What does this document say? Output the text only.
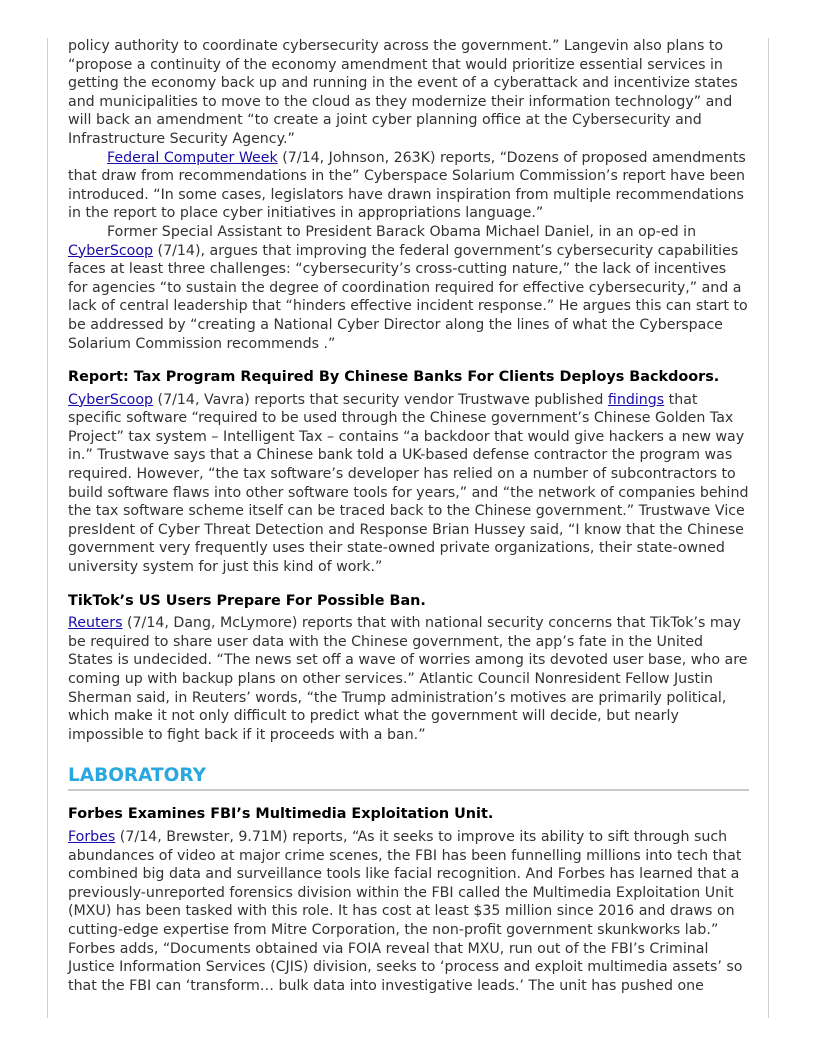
policy authority to coordinate cybersecurity across the government.” Langevin also plans to “propose a continuity of the economy amendment that would prioritize essential services in getting the economy back up and running in the event of a cyberattack and incentivize states and municipalities to move to the cloud as they modernize their information technology” and will back an amendment “to create a joint cyber planning office at the Cybersecurity and Infrastructure Security Agency.”

Federal Computer Week (7/14, Johnson, 263K) reports, “Dozens of proposed amendments that draw from recommendations in the” Cyberspace Solarium Commission’s report have been introduced. “In some cases, legislators have drawn inspiration from multiple recommendations in the report to place cyber initiatives in appropriations language.”

Former Special Assistant to President Barack Obama Michael Daniel, in an op-ed in CyberScoop (7/14), argues that improving the federal government’s cybersecurity capabilities faces at least three challenges: “cybersecurity’s cross-cutting nature,” the lack of incentives for agencies “to sustain the degree of coordination required for effective cybersecurity,” and a lack of central leadership that “hinders effective incident response.” He argues this can start to be addressed by “creating a National Cyber Director along the lines of what the Cyberspace Solarium Commission recommends .”

Report: Tax Program Required By Chinese Banks For Clients Deploys Backdoors.

CyberScoop (7/14, Vavra) reports that security vendor Trustwave published findings that specific software “required to be used through the Chinese government’s Chinese Golden Tax Project” tax system – Intelligent Tax – contains “a backdoor that would give hackers a new way in.” Trustwave says that a Chinese bank told a UK-based defense contractor the program was required. However, “the tax software’s developer has relied on a number of subcontractors to build software flaws into other software tools for years,” and “the network of companies behind the tax software scheme itself can be traced back to the Chinese government.” Trustwave Vice presIdent of Cyber Threat Detection and Response Brian Hussey said, “I know that the Chinese government very frequently uses their state-owned private organizations, their state-owned university system for just this kind of work.”

TikTok’s US Users Prepare For Possible Ban.

Reuters (7/14, Dang, McLymore) reports that with national security concerns that TikTok’s may be required to share user data with the Chinese government, the app’s fate in the United States is undecided. “The news set off a wave of worries among its devoted user base, who are coming up with backup plans on other services.” Atlantic Council Nonresident Fellow Justin Sherman said, in Reuters’ words, “the Trump administration’s motives are primarily political, which make it not only difficult to predict what the government will decide, but nearly impossible to fight back if it proceeds with a ban.”

LABORATORY
Forbes Examines FBI’s Multimedia Exploitation Unit.

Forbes (7/14, Brewster, 9.71M) reports, “As it seeks to improve its ability to sift through such abundances of video at major crime scenes, the FBI has been funnelling millions into tech that combined big data and surveillance tools like facial recognition. And Forbes has learned that a previously-unreported forensics division within the FBI called the Multimedia Exploitation Unit (MXU) has been tasked with this role. It has cost at least $35 million since 2016 and draws on cutting-edge expertise from Mitre Corporation, the non-profit government skunkworks lab.” Forbes adds, “Documents obtained via FOIA reveal that MXU, run out of the FBI’s Criminal Justice Information Services (CJIS) division, seeks to ‘process and exploit multimedia assets’ so that the FBI can ‘transform… bulk data into investigative leads.’ The unit has pushed one
